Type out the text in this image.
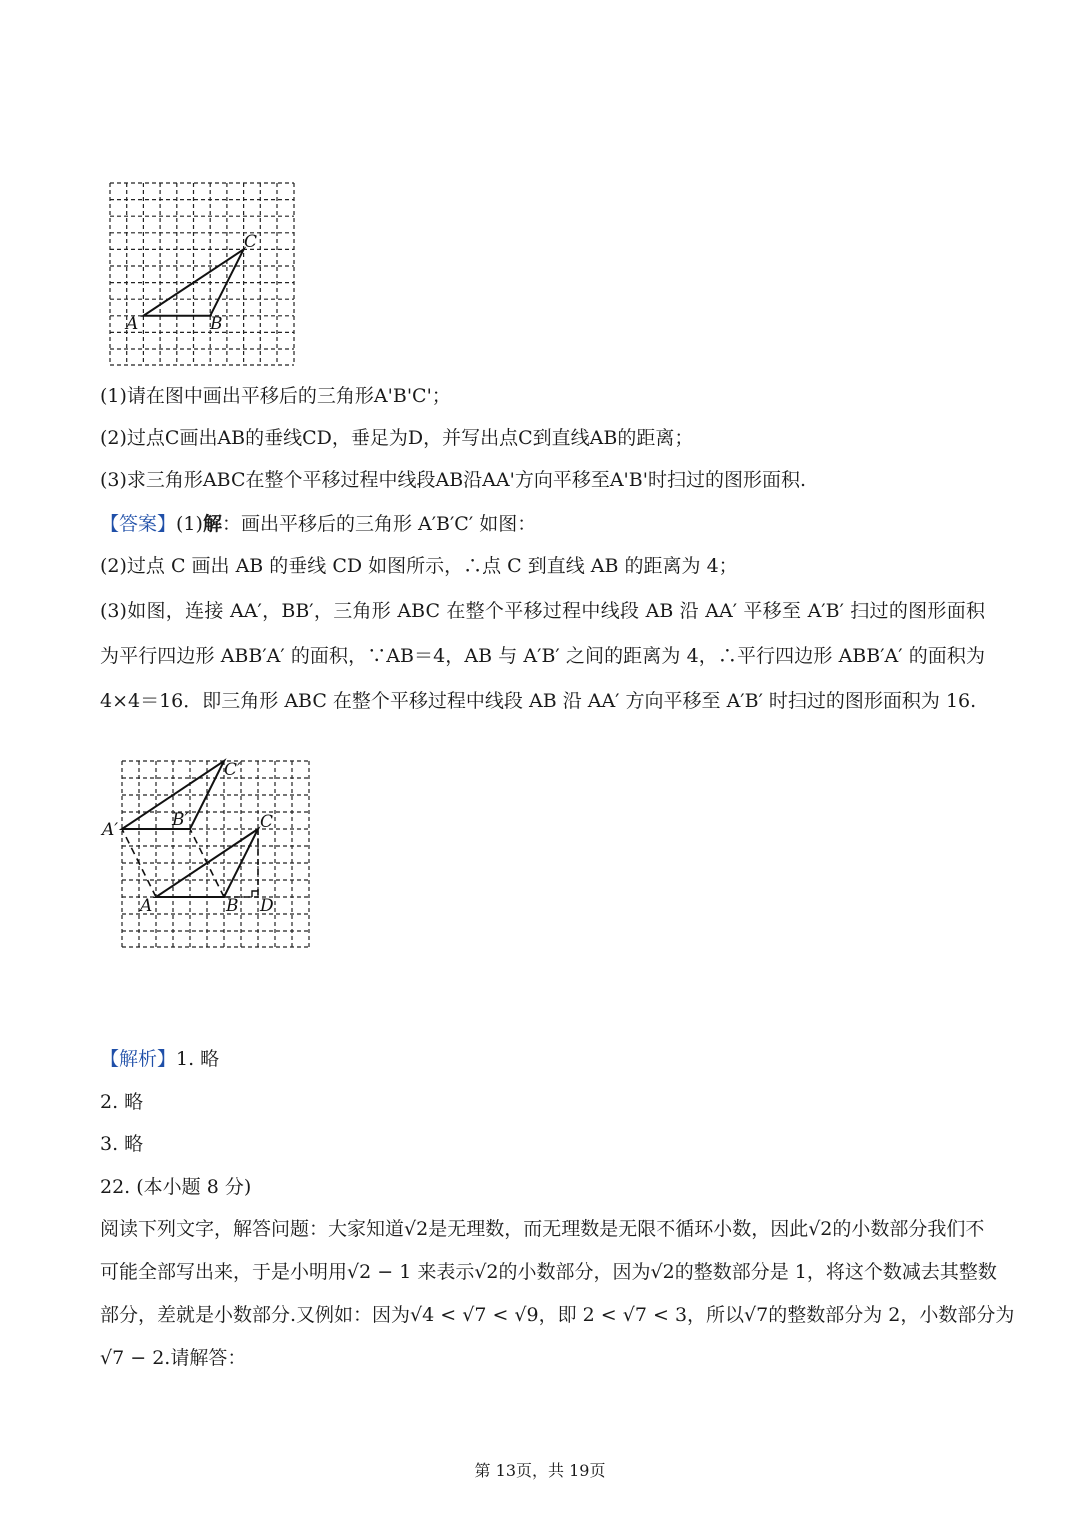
A	B
C
(1)请在图中画出平移后的三角形A'B'C'；
(2)过点C画出AB的垂线CD，垂足为D，并写出点C到直线AB的距离；
(3)求三角形ABC在整个平移过程中线段AB沿AA'方向平移至A'B'时扫过的图形面积.
【答案】(1)解：画出平移后的三角形 A′B′C′ 如图：
(2)过点 C 画出 AB 的垂线 CD 如图所示，∴点 C 到直线 AB 的距离为 4；
(3)如图，连接 AA′，BB′，三角形 ABC 在整个平移过程中线段 AB 沿 AA′ 平移至 A′B′ 扫过的图形面积为平行四边形 ABB′A′ 的面积，∵AB＝4，AB 与 A′B′ 之间的距离为 4，∴平行四边形 ABB′A′ 的面积为 4×4＝16．即三角形 ABC 在整个平移过程中线段 AB 沿 AA′ 方向平移至 A′B′ 时扫过的图形面积为 16.
A′	B′
C′
C
A	B D
【解析】1. 略
2. 略
3. 略
22. (本小题 8 分)
阅读下列文字，解答问题：大家知道√2是无理数，而无理数是无限不循环小数，因此√2的小数部分我们不
可能全部写出来，于是小明用√2 − 1 来表示√2的小数部分，因为√2的整数部分是 1，将这个数减去其整数
部分，差就是小数部分.又例如：因为√4 < √7 < √9，即 2 < √7 < 3，所以√7的整数部分为 2，小数部分为
√7 − 2.请解答：
第 13页，共 19页
